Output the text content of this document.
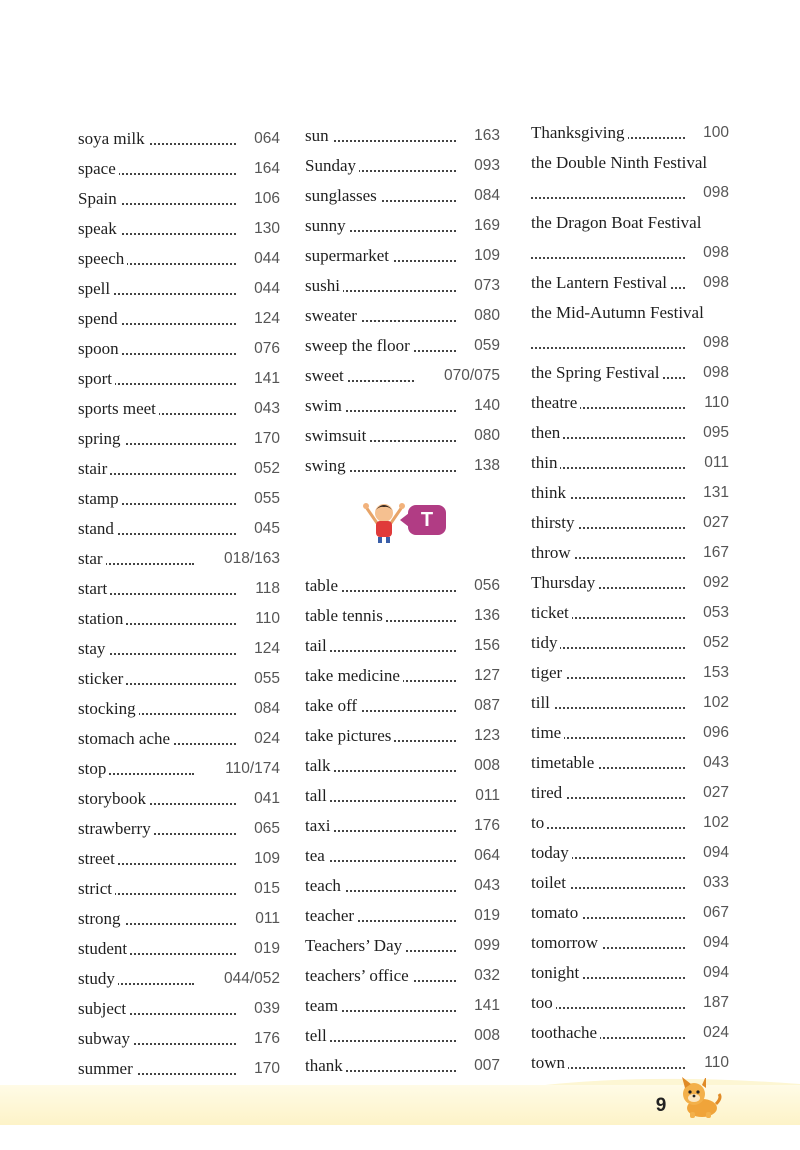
soya milk	064
space	164
Spain	106
speak	130
speech	044
spell	044
spend	124
spoon	076
sport	141
sports meet	043
spring	170
stair	052
stamp	055
stand	045
star	018/163
start	118
station	110
stay	124
sticker	055
stocking	084
stomach ache	024
stop	110/174
storybook	041
strawberry	065
street	109
strict	015
strong	011
student	019
study	044/052
subject	039
subway	176
summer	170
sun	163
Sunday	093
sunglasses	084
sunny	169
supermarket	109
sushi	073
sweater	080
sweep the floor	059
sweet	070/075
swim	140
swimsuit	080
swing	138
T
table	056
table tennis	136
tail	156
take medicine	127
take off	087
take pictures	123
talk	008
tall	011
taxi	176
tea	064
teach	043
teacher	019
Teachers’ Day	099
teachers’ office	032
team	141
tell	008
thank	007
Thanksgiving	100
the Double Ninth Festival
098
the Dragon Boat Festival
098
the Lantern Festival 098
the Mid-Autumn Festival
098
the Spring Festival	098
theatre	110
then	095
thin	011
think	131
thirsty	027
throw	167
Thursday	092
ticket	053
tidy	052
tiger	153
till	102
time	096
timetable	043
tired	027
to	102
today	094
toilet	033
tomato	067
tomorrow	094
tonight	094
too	187
toothache	024
town	110
9
